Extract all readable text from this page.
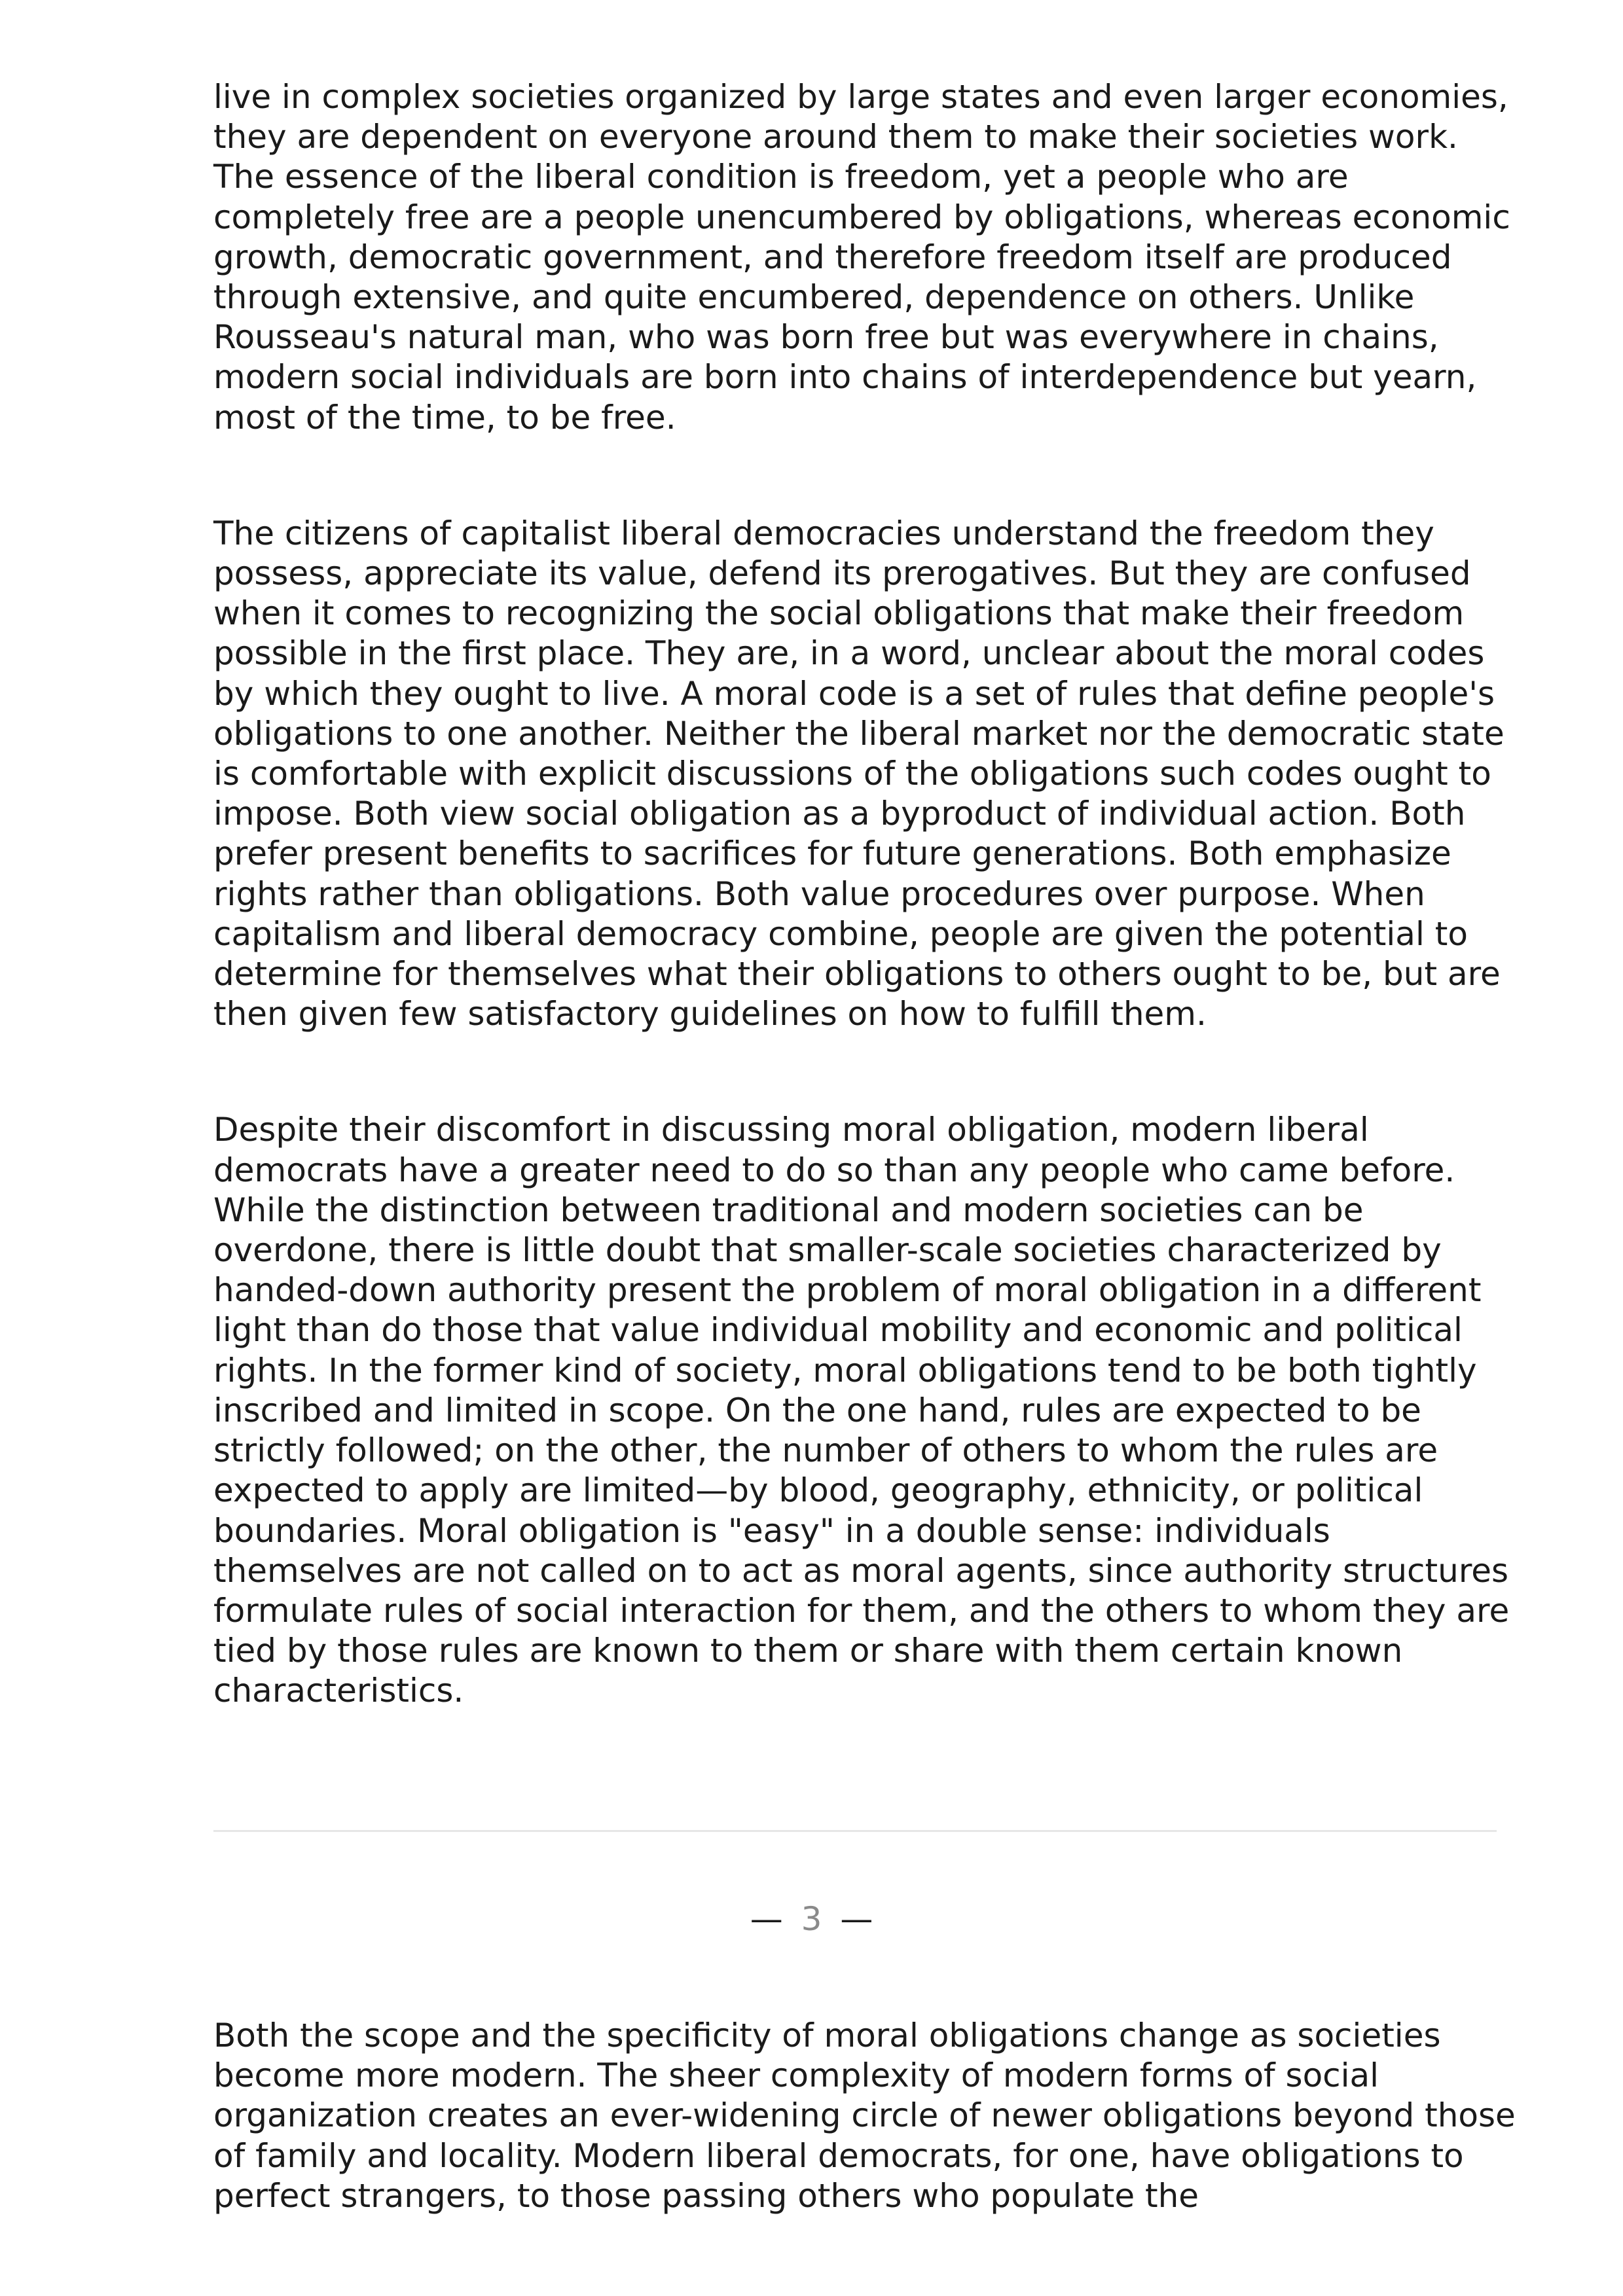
live in complex societies organized by large states and even larger economies, they are dependent on everyone around them to make their societies work. The essence of the liberal condition is freedom, yet a people who are completely free are a people unencumbered by obligations, whereas economic growth, democratic government, and therefore freedom itself are produced through extensive, and quite encumbered, dependence on others. Unlike Rousseau's natural man, who was born free but was everywhere in chains, modern social individuals are born into chains of interdependence but yearn, most of the time, to be free.

The citizens of capitalist liberal democracies understand the freedom they possess, appreciate its value, defend its prerogatives. But they are confused when it comes to recognizing the social obligations that make their freedom possible in the first place. They are, in a word, unclear about the moral codes by which they ought to live. A moral code is a set of rules that define people's obligations to one another. Neither the liberal market nor the democratic state is comfortable with explicit discussions of the obligations such codes ought to impose. Both view social obligation as a byproduct of individual action. Both prefer present benefits to sacrifices for future generations. Both emphasize rights rather than obligations. Both value procedures over purpose. When capitalism and liberal democracy combine, people are given the potential to determine for themselves what their obligations to others ought to be, but are then given few satisfactory guidelines on how to fulfill them.

Despite their discomfort in discussing moral obligation, modern liberal democrats have a greater need to do so than any people who came before. While the distinction between traditional and modern societies can be overdone, there is little doubt that smaller-scale societies characterized by handed-down authority present the problem of moral obligation in a different light than do those that value individual mobility and economic and political rights. In the former kind of society, moral obligations tend to be both tightly inscribed and limited in scope. On the one hand, rules are expected to be strictly followed; on the other, the number of others to whom the rules are expected to apply are limited—by blood, geography, ethnicity, or political boundaries. Moral obligation is "easy" in a double sense: individuals themselves are not called on to act as moral agents, since authority structures formulate rules of social interaction for them, and the others to whom they are tied by those rules are known to them or share with them certain known characteristics.

— 3 —

Both the scope and the specificity of moral obligations change as societies become more modern. The sheer complexity of modern forms of social organization creates an ever-widening circle of newer obligations beyond those of family and locality. Modern liberal democrats, for one, have obligations to perfect strangers, to those passing others who populate the
